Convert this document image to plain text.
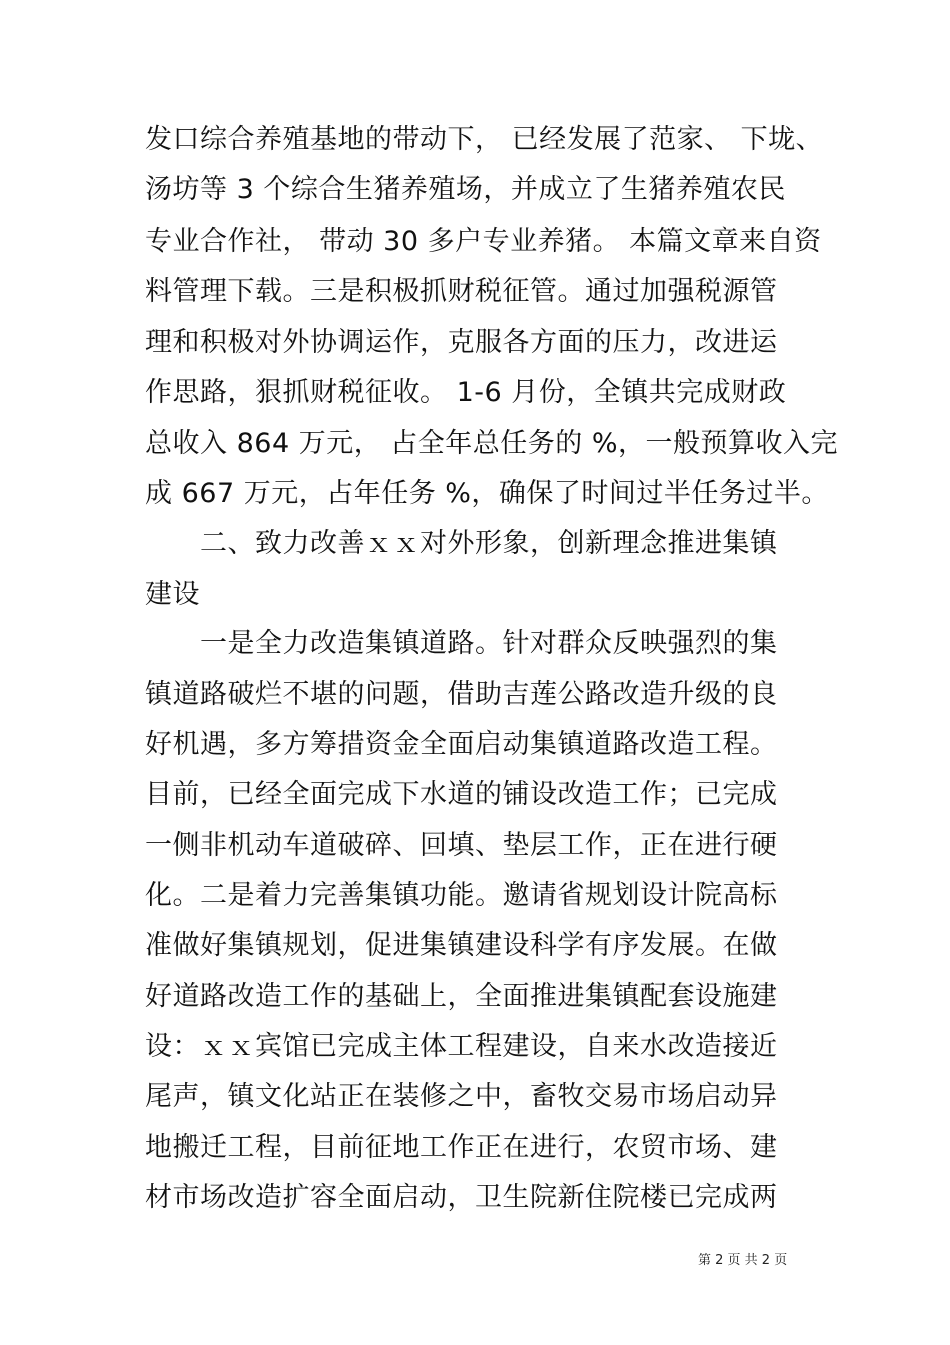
发口综合养殖基地的带动下， 已经发展了范家、 下垅、
汤坊等 3 个综合生猪养殖场，并成立了生猪养殖农民
专业合作社， 带动 30 多户专业养猪。 本篇文章来自资
料管理下载。三是积极抓财税征管。通过加强税源管
理和积极对外协调运作，克服各方面的压力，改进运
作思路，狠抓财税征收。 1-6 月份，全镇共完成财政
总收入 864 万元， 占全年总任务的 %，一般预算收入完
成 667 万元，占年任务 %，确保了时间过半任务过半。
二、致力改善ｘｘ对外形象，创新理念推进集镇
建设
一是全力改造集镇道路。针对群众反映强烈的集
镇道路破烂不堪的问题，借助吉莲公路改造升级的良
好机遇，多方筹措资金全面启动集镇道路改造工程。
目前，已经全面完成下水道的铺设改造工作；已完成
一侧非机动车道破碎、回填、垫层工作，正在进行硬
化。二是着力完善集镇功能。邀请省规划设计院高标
准做好集镇规划，促进集镇建设科学有序发展。在做
好道路改造工作的基础上，全面推进集镇配套设施建
设：ｘｘ宾馆已完成主体工程建设，自来水改造接近
尾声，镇文化站正在装修之中，畜牧交易市场启动异
地搬迁工程，目前征地工作正在进行，农贸市场、建
材市场改造扩容全面启动，卫生院新住院楼已完成两
第 2 页 共 2 页
